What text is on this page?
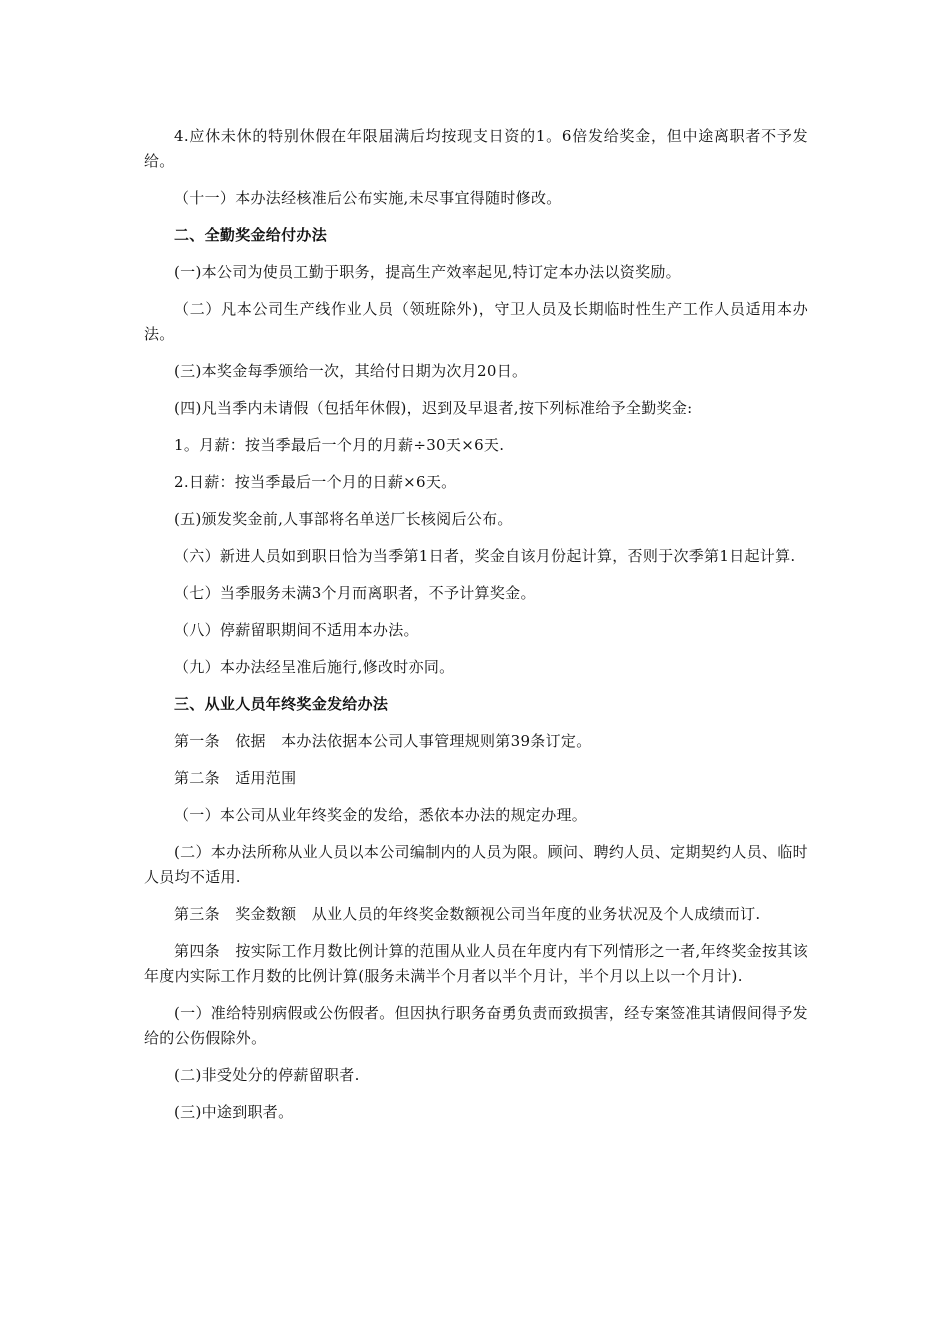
4.应休未休的特别休假在年限届满后均按现支日资的1。6倍发给奖金，但中途离职者不予发给。

（十一）本办法经核准后公布实施,未尽事宜得随时修改。

二、全勤奖金给付办法

(一)本公司为使员工勤于职务，提高生产效率起见,特订定本办法以资奖励。

（二）凡本公司生产线作业人员（领班除外)，守卫人员及长期临时性生产工作人员适用本办法。

(三)本奖金每季颁给一次，其给付日期为次月20日。

(四)凡当季内未请假（包括年休假)，迟到及早退者,按下列标准给予全勤奖金:

1。月薪：按当季最后一个月的月薪÷30天×6天.

2.日薪：按当季最后一个月的日薪×6天。

(五)颁发奖金前,人事部将名单送厂长核阅后公布。

（六）新进人员如到职日恰为当季第1日者，奖金自该月份起计算，否则于次季第1日起计算.

（七）当季服务未满3个月而离职者，不予计算奖金。

（八）停薪留职期间不适用本办法。

（九）本办法经呈准后施行,修改时亦同。

三、从业人员年终奖金发给办法

第一条　依据　本办法依据本公司人事管理规则第39条订定。

第二条　适用范围

（一）本公司从业年终奖金的发给，悉依本办法的规定办理。

(二）本办法所称从业人员以本公司编制内的人员为限。顾问、聘约人员、定期契约人员、临时人员均不适用.

第三条　奖金数额　从业人员的年终奖金数额视公司当年度的业务状况及个人成绩而订.

第四条　按实际工作月数比例计算的范围从业人员在年度内有下列情形之一者,年终奖金按其该年度内实际工作月数的比例计算(服务未满半个月者以半个月计，半个月以上以一个月计).

(一）准给特别病假或公伤假者。但因执行职务奋勇负责而致损害，经专案签准其请假间得予发给的公伤假除外。

(二)非受处分的停薪留职者.

(三)中途到职者。
